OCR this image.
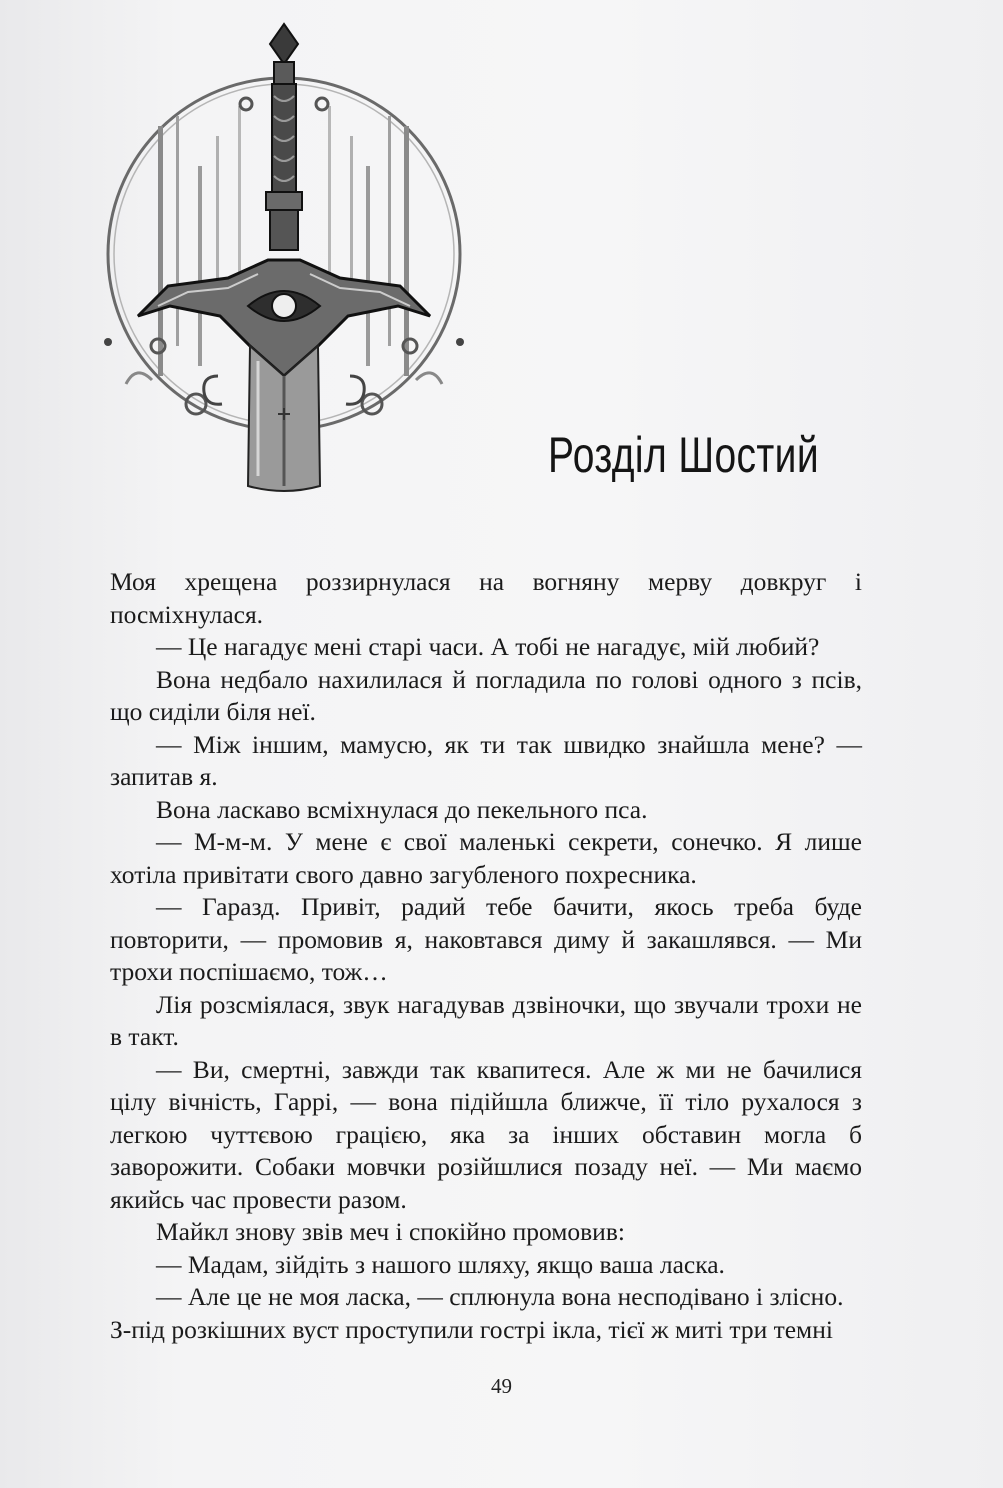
Розділ Шостий

Моя хрещена роззирнулася на вогняну мерву довкруг і посміхнулася.

— Це нагадує мені старі часи. А тобі не нагадує, мій любий?

Вона недбало нахилилася й погладила по голові одного з псів, що сиділи біля неї.

— Між іншим, мамусю, як ти так швидко знайшла мене? — запитав я.

Вона ласкаво всміхнулася до пекельного пса.

— М-м-м. У мене є свої маленькі секрети, сонечко. Я лише хотіла привітати свого давно загубленого похресника.

— Гаразд. Привіт, радий тебе бачити, якось треба буде повторити, — промовив я, наковтався диму й закашлявся. — Ми трохи поспішаємо, тож…

Лія розсміялася, звук нагадував дзвіночки, що звучали трохи не в такт.

— Ви, смертні, завжди так квапитеся. Але ж ми не бачилися цілу вічність, Гаррі, — вона підійшла ближче, її тіло рухалося з легкою чуттєвою грацією, яка за інших обставин могла б заворожити. Собаки мовчки розійшлися позаду неї. — Ми маємо якийсь час провести разом.

Майкл знову звів меч і спокійно промовив:

— Мадам, зійдіть з нашого шляху, якщо ваша ласка.

— Але це не моя ласка, — сплюнула вона несподівано і злісно.

З-під розкішних вуст проступили гострі ікла, тієї ж миті три темні

49
